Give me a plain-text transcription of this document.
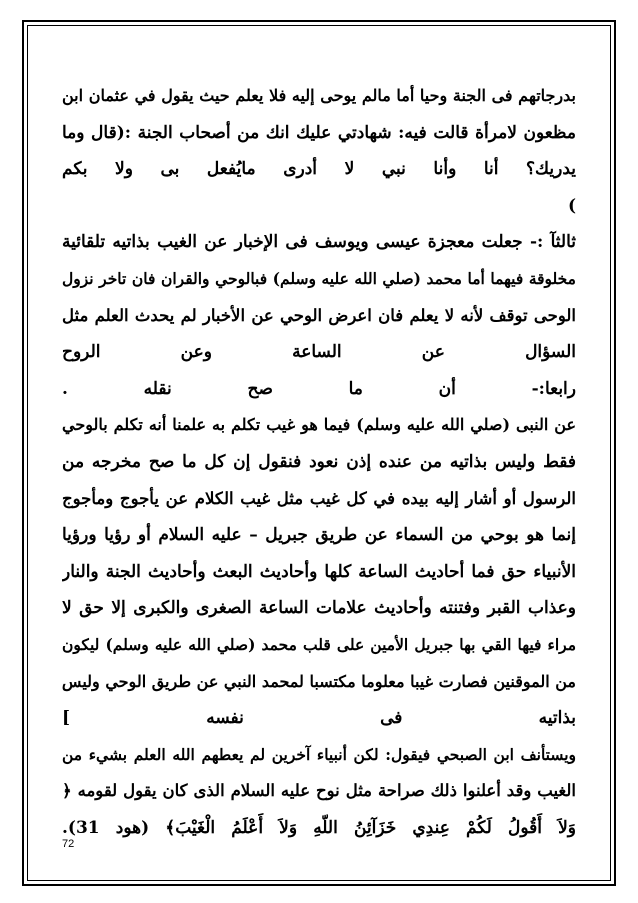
بدرجاتهم فى الجنة وحيا أما مالم يوحى إليه فلا يعلم حيث يقول في عثمان ابن
مظعون لامرأة قالت فيه: شهادتي عليك انك من أصحاب الجنة :(قال وما
يدريك؟ أنا وأنا نبي لا أدرى مايُفعل بى ولا بكم
)
ثالثآ :- جعلت معجزة عيسى ويوسف فى الإخبار عن الغيب بذاتيه تلقائية
مخلوقة فيهما أما محمد (صلي الله عليه وسلم) فبالوحي والقران فان تاخر نزول
الوحى توقف لأنه لا يعلم فان اعرض الوحي عن الأخبار لم يحدث العلم مثل
السؤال عن الساعة وعن الروح
رابعا:- أن ما صح نقله .
عن النبى (صلي الله عليه وسلم) فيما هو غيب تكلم به علمنا أنه تكلم بالوحي
فقط وليس بذاتيه من عنده إذن نعود فنقول إن كل ما صح مخرجه من
الرسول أو أشار إليه بيده في كل غيب مثل غيب الكلام عن يأجوج ومأجوج
إنما هو بوحي من السماء عن طريق جبريل – عليه السلام أو رؤيا ورؤيا
الأنبياء حق فما أحاديث الساعة كلها وأحاديث البعث وأحاديث الجنة والنار
وعذاب القبر وفتنته وأحاديث علامات الساعة الصغرى والكبرى إلا حق لا
مراء فيها القي بها جبريل الأمين على قلب محمد (صلي الله عليه وسلم) ليكون
من الموقنين فصارت غيبا معلوما مكتسبا لمحمد النبي عن طريق الوحي وليس
بذاتيه فى نفسه ]
ويستأنف ابن الصبحي فيقول: لكن أنبياء آخرين لم يعطهم الله العلم بشيء من
الغيب وقد أعلنوا ذلك صراحة مثل نوح عليه السلام الذى كان يقول لقومه ﴿
وَلاَ أَقُولُ لَكُمْ عِندِي خَزَآئِنُ اللّهِ وَلاَ أَعْلَمُ الْغَيْبَ﴾ (هود 31).
72
